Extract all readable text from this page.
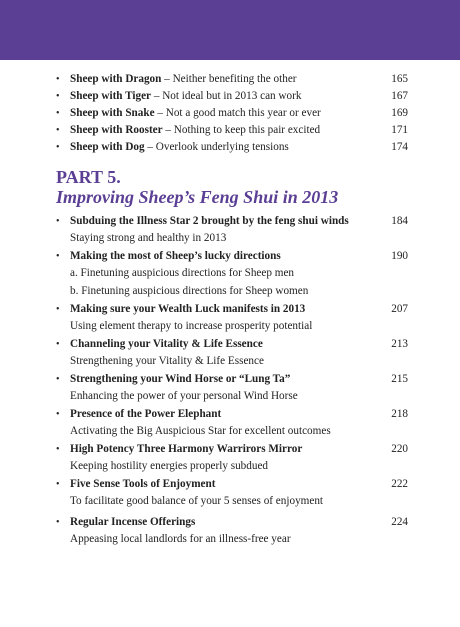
• Sheep with Dragon – Neither benefiting the other	165
• Sheep with Tiger – Not ideal but in 2013 can work	167
• Sheep with Snake – Not a good match this year or ever	169
• Sheep with Rooster – Nothing to keep this pair excited	171
• Sheep with Dog – Overlook underlying tensions	174
PART 5.
Improving Sheep’s Feng Shui in 2013
• Subduing the Illness Star 2 brought by the feng shui winds	184
Staying strong and healthy in 2013
• Making the most of Sheep’s lucky directions	190
a. Finetuning auspicious directions for Sheep men
b. Finetuning auspicious directions for Sheep women
• Making sure your Wealth Luck manifests in 2013	207
Using element therapy to increase prosperity potential
• Channeling your Vitality & Life Essence	213
Strengthening your Vitality & Life Essence
• Strengthening your Wind Horse or “Lung Ta”	215
Enhancing the power of your personal Wind Horse
• Presence of the Power Elephant	218
Activating the Big Auspicious Star for excellent outcomes
• High Potency Three Harmony Warrirors Mirror	220
Keeping hostility energies properly subdued
• Five Sense Tools of Enjoyment	222
To facilitate good balance of your 5 senses of enjoyment
• Regular Incense Offerings	224
Appeasing local landlords for an illness-free year
